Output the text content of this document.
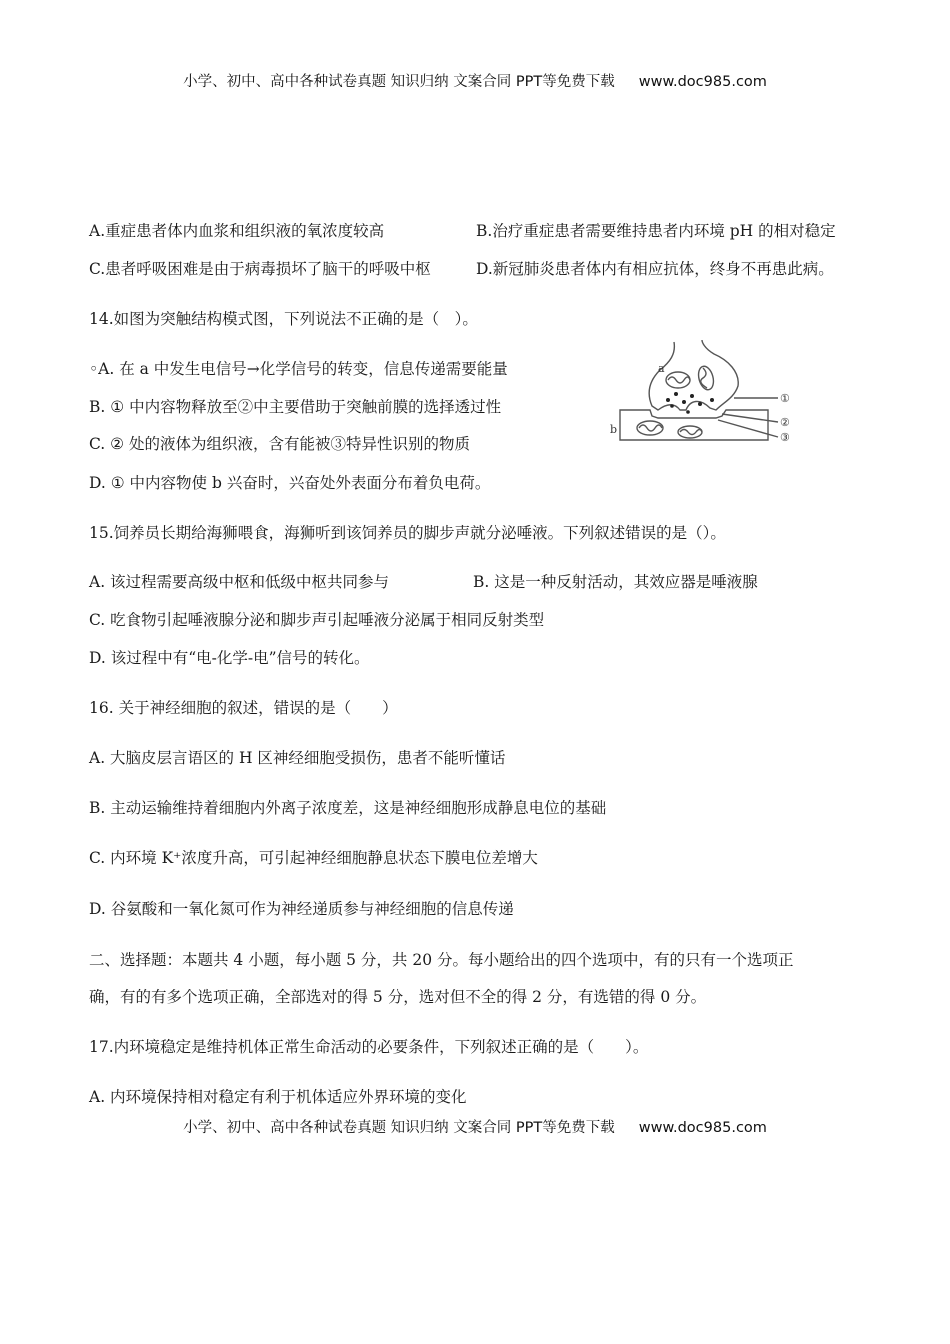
小学、初中、高中各种试卷真题 知识归纳 文案合同 PPT等免费下载 www.doc985.com
A.重症患者体内血浆和组织液的氧浓度较高	B.治疗重症患者需要维持患者内环境 pH 的相对稳定
C.患者呼吸困难是由于病毒损坏了脑干的呼吸中枢	D.新冠肺炎患者体内有相应抗体，终身不再患此病。
14.如图为突触结构模式图，下列说法不正确的是（　）。
◦A. 在 a 中发生电信号→化学信号的转变，信息传递需要能量
B. ① 中内容物释放至②中主要借助于突触前膜的选择透过性
C. ② 处的液体为组织液，含有能被③特异性识别的物质
D. ① 中内容物使 b 兴奋时，兴奋处外表面分布着负电荷。
a
b
①
②
③
15.饲养员长期给海狮喂食，海狮听到该饲养员的脚步声就分泌唾液。下列叙述错误的是（）。
A. 该过程需要高级中枢和低级中枢共同参与	B. 这是一种反射活动，其效应器是唾液腺
C. 吃食物引起唾液腺分泌和脚步声引起唾液分泌属于相同反射类型
D. 该过程中有“电-化学-电”信号的转化。
16. 关于神经细胞的叙述，错误的是（　　）
A. 大脑皮层言语区的 H 区神经细胞受损伤，患者不能听懂话
B. 主动运输维持着细胞内外离子浓度差，这是神经细胞形成静息电位的基础
C. 内环境 K⁺浓度升高，可引起神经细胞静息状态下膜电位差增大
D. 谷氨酸和一氧化氮可作为神经递质参与神经细胞的信息传递
二、选择题：本题共 4 小题，每小题 5 分，共 20 分。每小题给出的四个选项中，有的只有一个选项正
确，有的有多个选项正确，全部选对的得 5 分，选对但不全的得 2 分，有选错的得 0 分。
17.内环境稳定是维持机体正常生命活动的必要条件，下列叙述正确的是（　　）。
A. 内环境保持相对稳定有利于机体适应外界环境的变化
小学、初中、高中各种试卷真题 知识归纳 文案合同 PPT等免费下载 www.doc985.com
